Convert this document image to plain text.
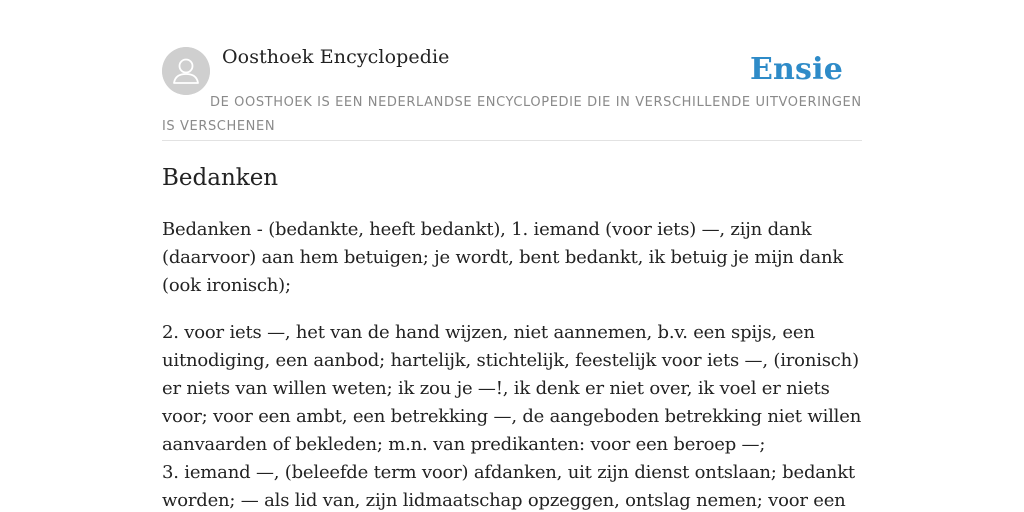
Oosthoek Encyclopedie	Ensie
DE OOSTHOEK IS EEN NEDERLANDSE ENCYCLOPEDIE DIE IN VERSCHILLENDE UITVOERINGEN IS VERSCHENEN
Bedanken

Bedanken - (bedankte, heeft bedankt), 1. iemand (voor iets) —, zijn dank (daarvoor) aan hem betuigen; je wordt, bent bedankt, ik betuig je mijn dank (ook ironisch);

2. voor iets —, het van de hand wijzen, niet aannemen, b.v. een spijs, een uitnodiging, een aanbod; hartelijk, stichtelijk, feestelijk voor iets —, (ironisch) er niets van willen weten; ik zou je —!, ik denk er niet over, ik voel er niets voor; voor een ambt, een betrekking —, de aangeboden betrekking niet willen aanvaarden of bekleden; m.n. van predikanten: voor een beroep —;

3. iemand —, (beleefde term voor) afdanken, uit zijn dienst ontslaan; bedankt worden; — als lid van, zijn lidmaatschap opzeggen, ontslag nemen; voor een
